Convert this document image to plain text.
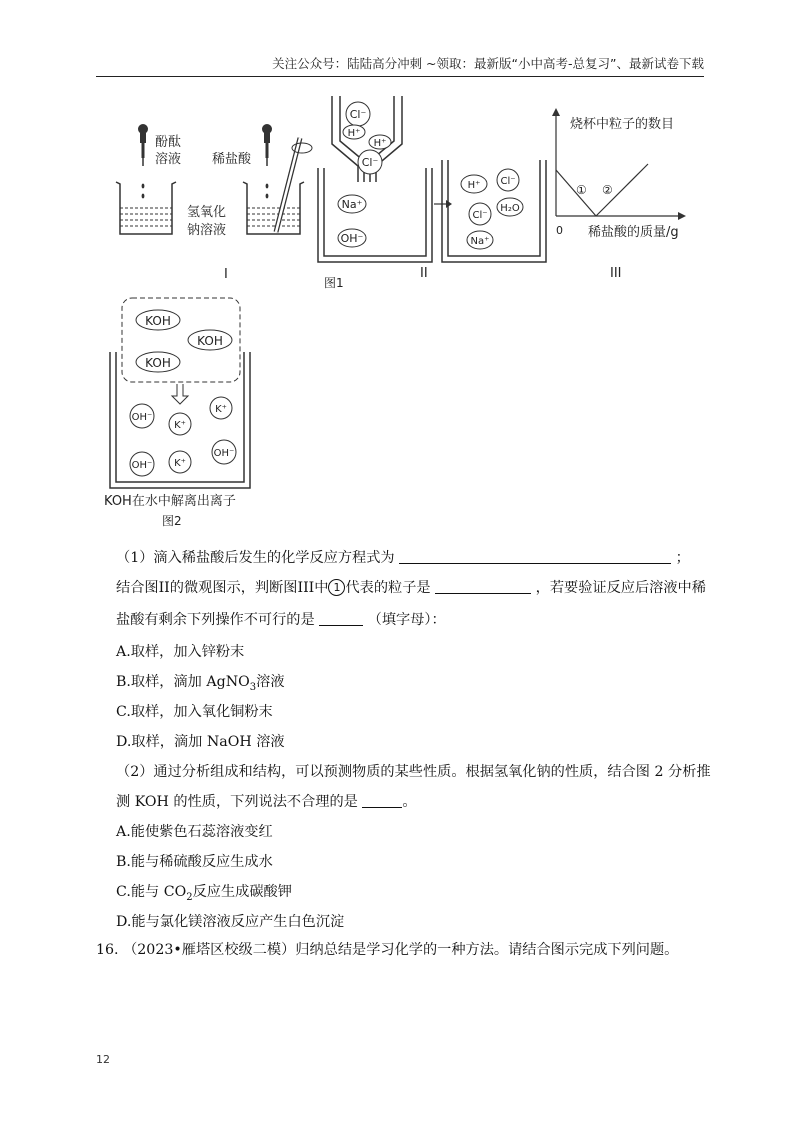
关注公众号：陆陆高分冲刺 ~领取：最新版“小中高考-总复习”、最新试卷下载
酚酞
溶液
氢氧化
钠溶液
稀盐酸
I
Cl⁻
H⁺
H⁺
Cl⁻
Na⁺
OH⁻
II
图1
H⁺ Cl⁻
Cl⁻
H₂O
Na⁺
烧杯中粒子的数目
① ②
0 稀盐酸的质量/g
III
KOH
KOH
KOH
OH⁻
K⁺
K⁺
OH⁻ K⁺
OH⁻
KOH在水中解离出离子
图2
（1）滴入稀盐酸后发生的化学反应方程式为	；
结合图II的微观图示，判断图III中 1 代表的粒子是	，若要验证反应后溶液中稀
盐酸有剩余下列操作不可行的是	（填字母）：
A.取样，加入锌粉末
B.取样，滴加 AgNO$_3$溶液
C.取样，加入氧化铜粉末
D.取样，滴加 NaOH 溶液
（2）通过分析组成和结构，可以预测物质的某些性质。根据氢氧化钠的性质，结合图 2 分析推
测 KOH 的性质，下列说法不合理的是	。
A.能使紫色石蕊溶液变红
B.能与稀硫酸反应生成水
C.能与 $CO_2$反应生成碳酸钾
D.能与氯化镁溶液反应产生白色沉淀
16. （2023•雁塔区校级二模）归纳总结是学习化学的一种方法。请结合图示完成下列问题。
12
